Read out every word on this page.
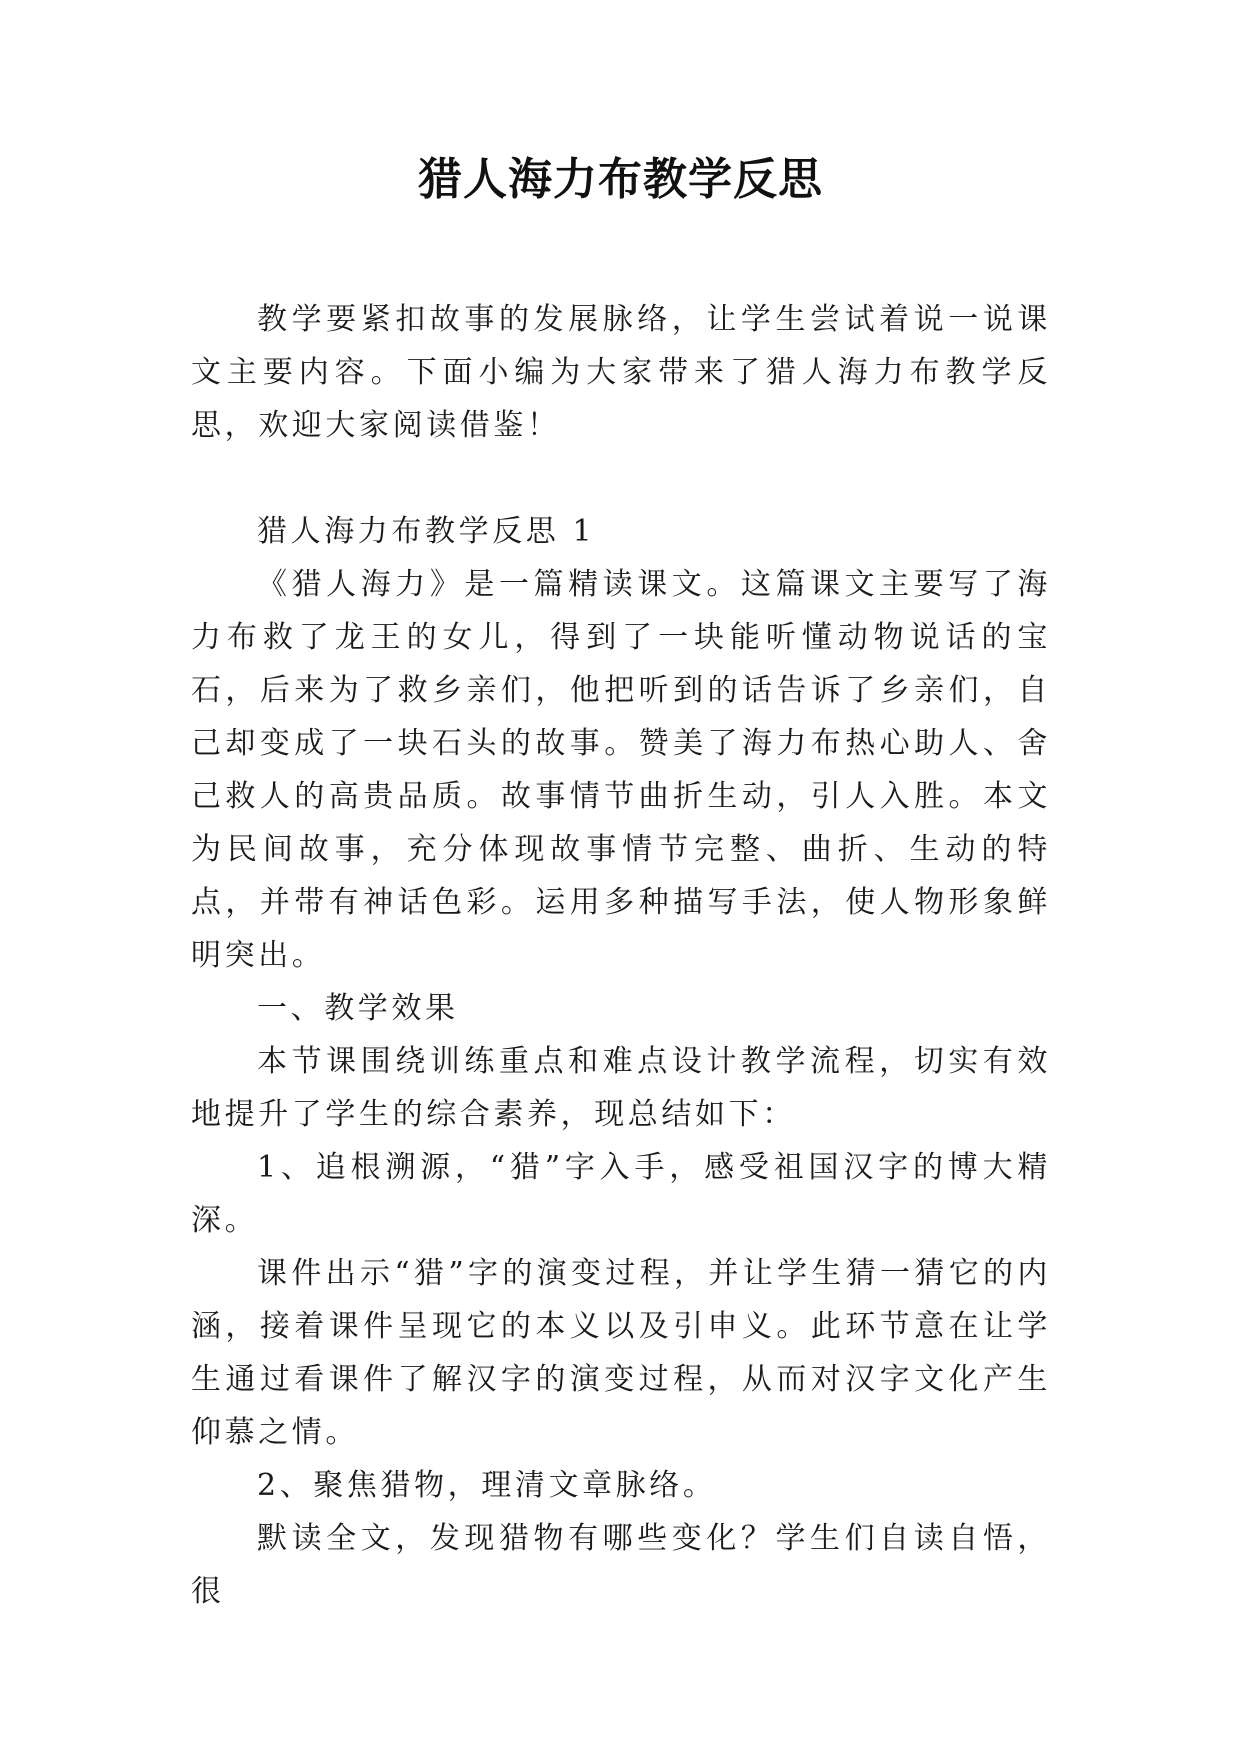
猎人海力布教学反思

教学要紧扣故事的发展脉络，让学生尝试着说一说课文主要内容。下面小编为大家带来了猎人海力布教学反思，欢迎大家阅读借鉴！

猎人海力布教学反思 1

《猎人海力》是一篇精读课文。这篇课文主要写了海力布救了龙王的女儿，得到了一块能听懂动物说话的宝石，后来为了救乡亲们，他把听到的话告诉了乡亲们，自己却变成了一块石头的故事。赞美了海力布热心助人、舍己救人的高贵品质。故事情节曲折生动，引人入胜。本文为民间故事，充分体现故事情节完整、曲折、生动的特点，并带有神话色彩。运用多种描写手法，使人物形象鲜明突出。

一、教学效果

本节课围绕训练重点和难点设计教学流程，切实有效地提升了学生的综合素养，现总结如下：

1、追根溯源，“猎”字入手，感受祖国汉字的博大精深。

课件出示“猎”字的演变过程，并让学生猜一猜它的内涵，接着课件呈现它的本义以及引申义。此环节意在让学生通过看课件了解汉字的演变过程，从而对汉字文化产生仰慕之情。

2、聚焦猎物，理清文章脉络。

默读全文，发现猎物有哪些变化？学生们自读自悟，很
